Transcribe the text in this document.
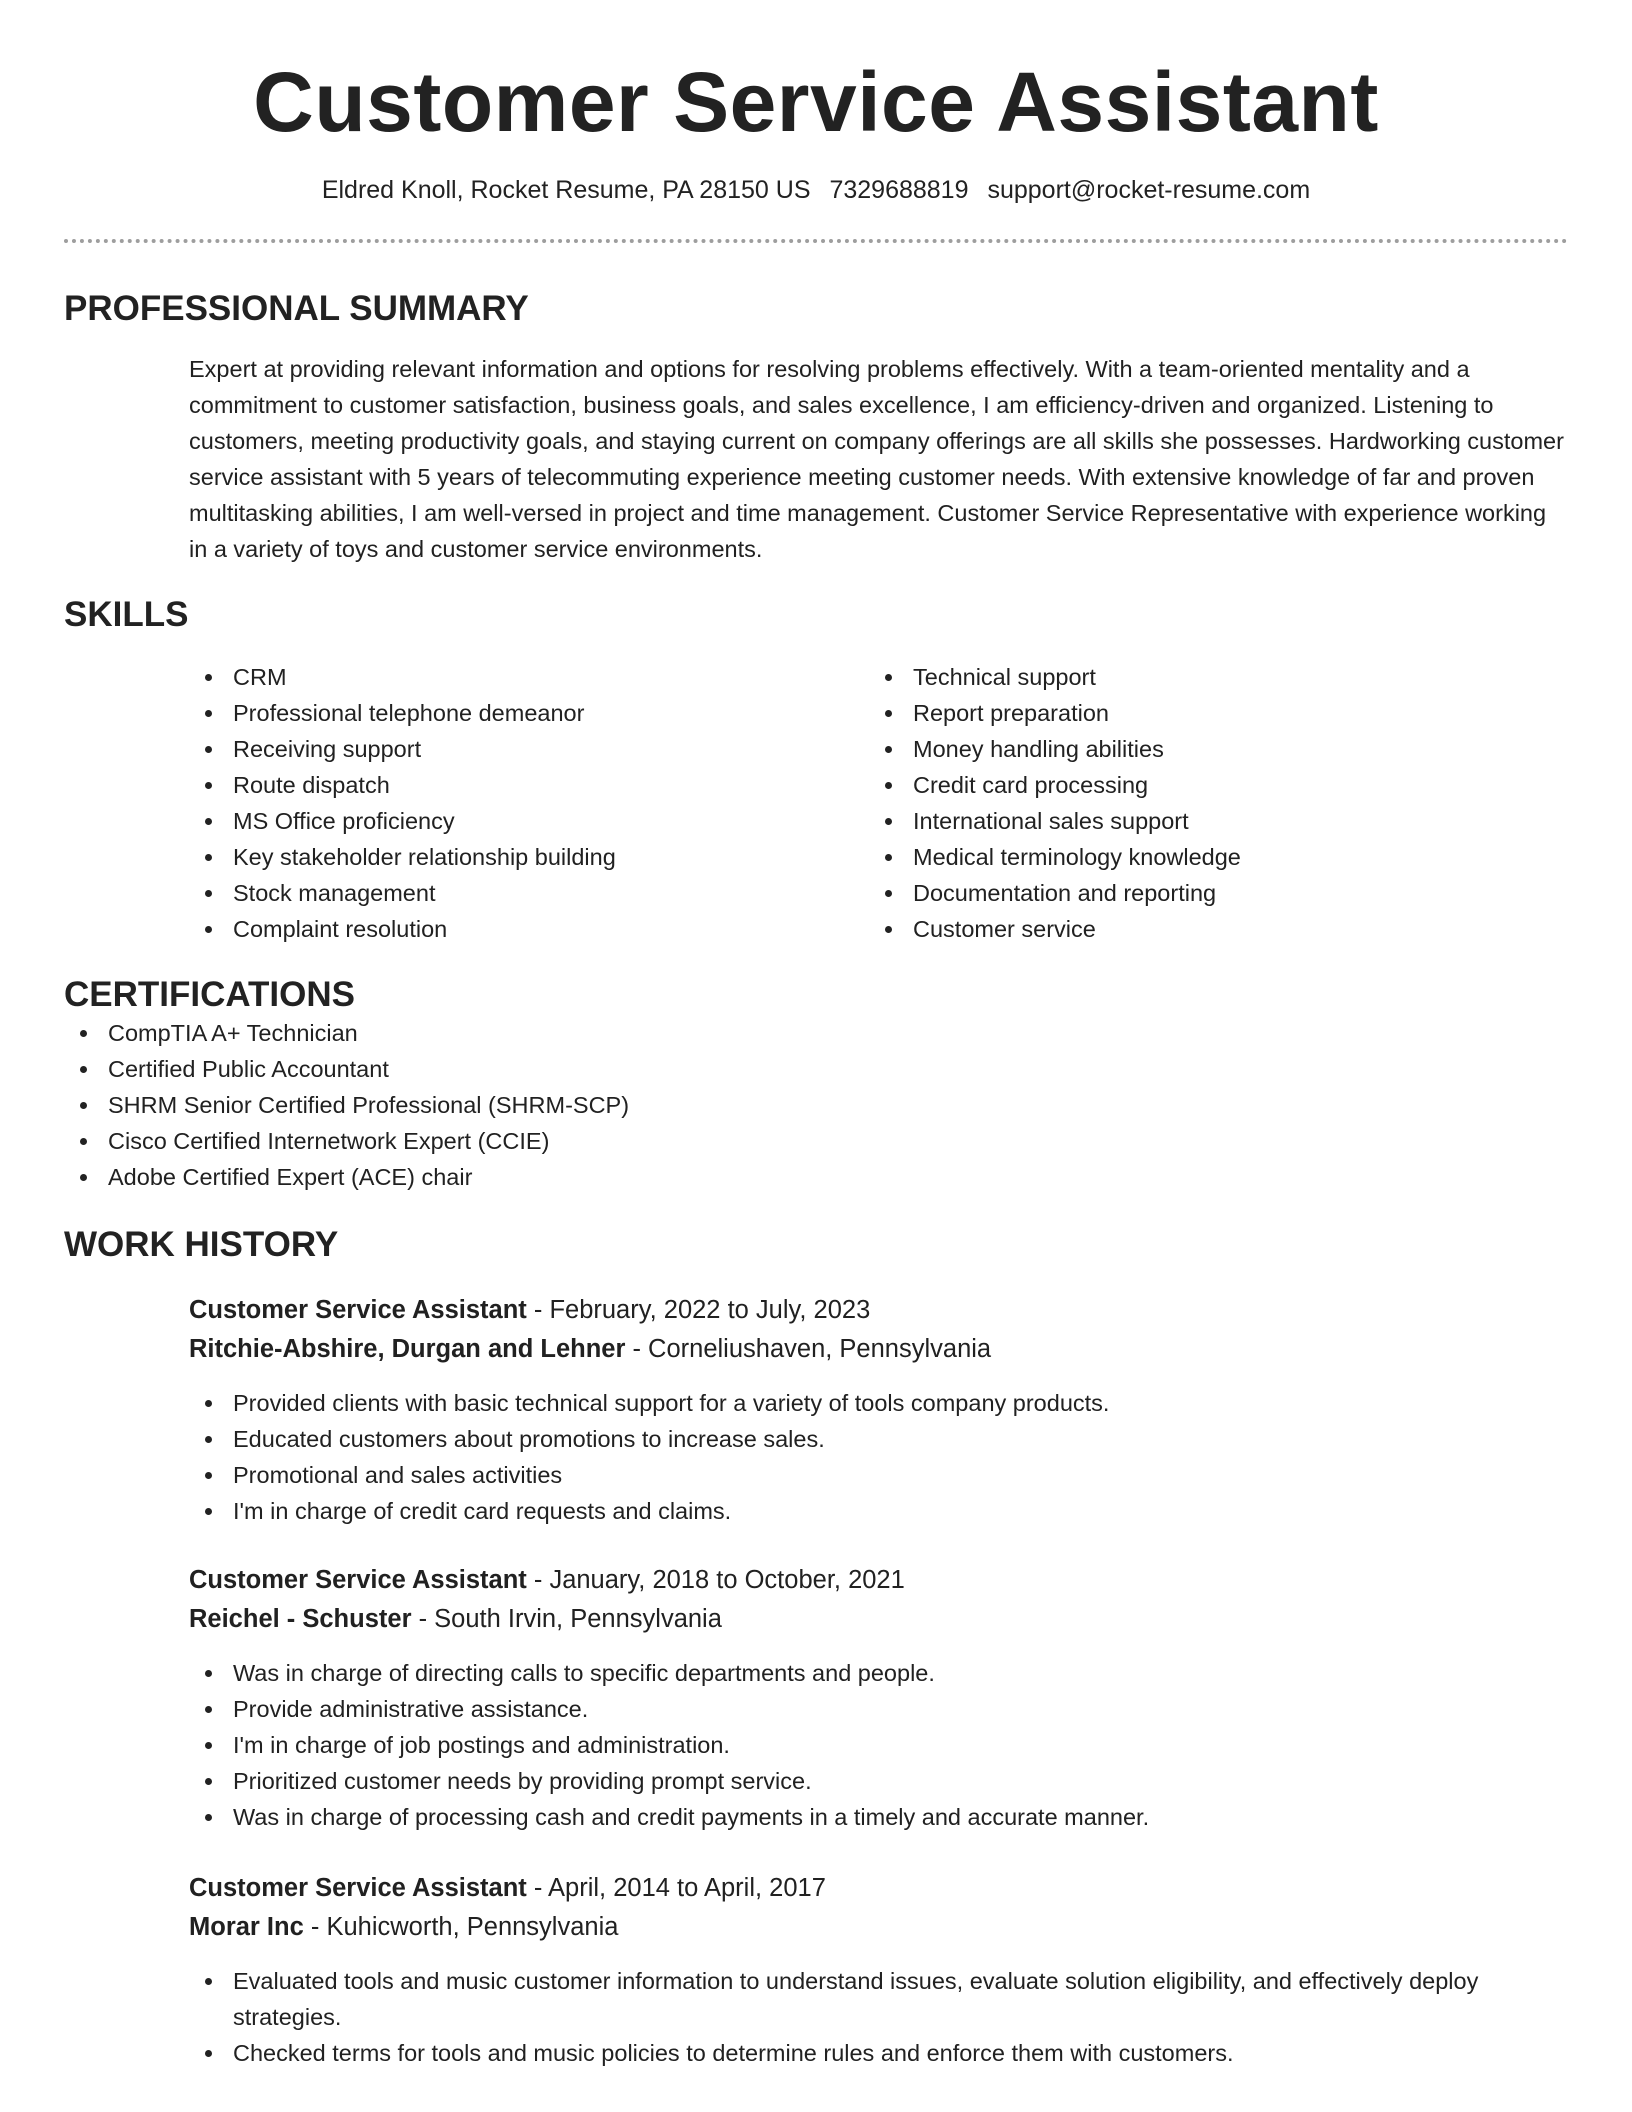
Customer Service Assistant
Eldred Knoll, Rocket Resume, PA 28150 US 7329688819 support@rocket-resume.com
PROFESSIONAL SUMMARY
Expert at providing relevant information and options for resolving problems effectively. With a team-oriented mentality and a commitment to customer satisfaction, business goals, and sales excellence, I am efficiency-driven and organized. Listening to customers, meeting productivity goals, and staying current on company offerings are all skills she possesses. Hardworking customer service assistant with 5 years of telecommuting experience meeting customer needs. With extensive knowledge of far and proven multitasking abilities, I am well-versed in project and time management. Customer Service Representative with experience working in a variety of toys and customer service environments.
SKILLS
CRM
Professional telephone demeanor
Receiving support
Route dispatch
MS Office proficiency
Key stakeholder relationship building
Stock management
Complaint resolution
Technical support
Report preparation
Money handling abilities
Credit card processing
International sales support
Medical terminology knowledge
Documentation and reporting
Customer service
CERTIFICATIONS
CompTIA A+ Technician
Certified Public Accountant
SHRM Senior Certified Professional (SHRM-SCP)
Cisco Certified Internetwork Expert (CCIE)
Adobe Certified Expert (ACE) chair
WORK HISTORY
Customer Service Assistant - February, 2022 to July, 2023
Ritchie-Abshire, Durgan and Lehner - Corneliushaven, Pennsylvania
Provided clients with basic technical support for a variety of tools company products.
Educated customers about promotions to increase sales.
Promotional and sales activities
I'm in charge of credit card requests and claims.
Customer Service Assistant - January, 2018 to October, 2021
Reichel - Schuster - South Irvin, Pennsylvania
Was in charge of directing calls to specific departments and people.
Provide administrative assistance.
I'm in charge of job postings and administration.
Prioritized customer needs by providing prompt service.
Was in charge of processing cash and credit payments in a timely and accurate manner.
Customer Service Assistant - April, 2014 to April, 2017
Morar Inc - Kuhicworth, Pennsylvania
Evaluated tools and music customer information to understand issues, evaluate solution eligibility, and effectively deploy strategies.
Checked terms for tools and music policies to determine rules and enforce them with customers.
